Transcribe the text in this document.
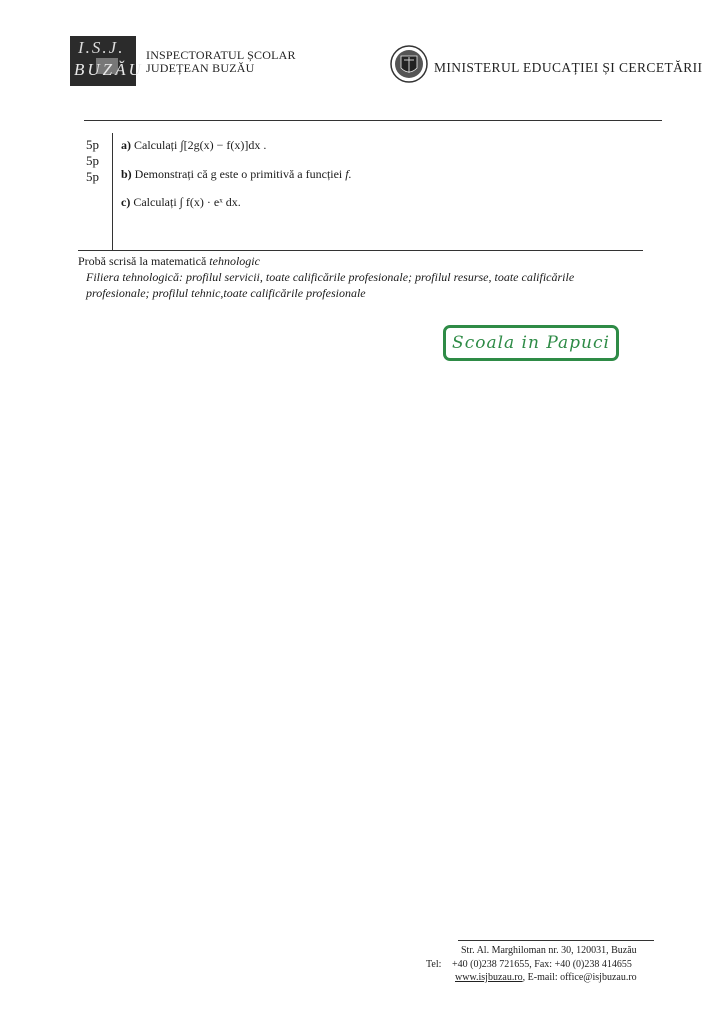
I.S.J.
BUZĂU
INSPECTORATUL ȘCOLAR
JUDEȚEAN BUZĂU	MINISTERUL EDUCAȚIEI ȘI CERCETĂRII
5p
5p
5p
a) Calculați ∫[2g(x) − f(x)]dx .
b) Demonstrați că g este o primitivă a funcției f.
c) Calculați ∫ f(x) · eˣ dx.
Probă scrisă la matematică tehnologic
Filiera tehnologică: profilul servicii, toate calificările profesionale; profilul resurse, toate calificările profesionale; profilul tehnic,toate calificările profesionale
Scoala in Papuci
Str. Al. Marghiloman nr. 30, 120031, Buzău
Tel: +40 (0)238 721655, Fax: +40 (0)238 414655
www.isjbuzau.ro, E-mail: office@isjbuzau.ro
